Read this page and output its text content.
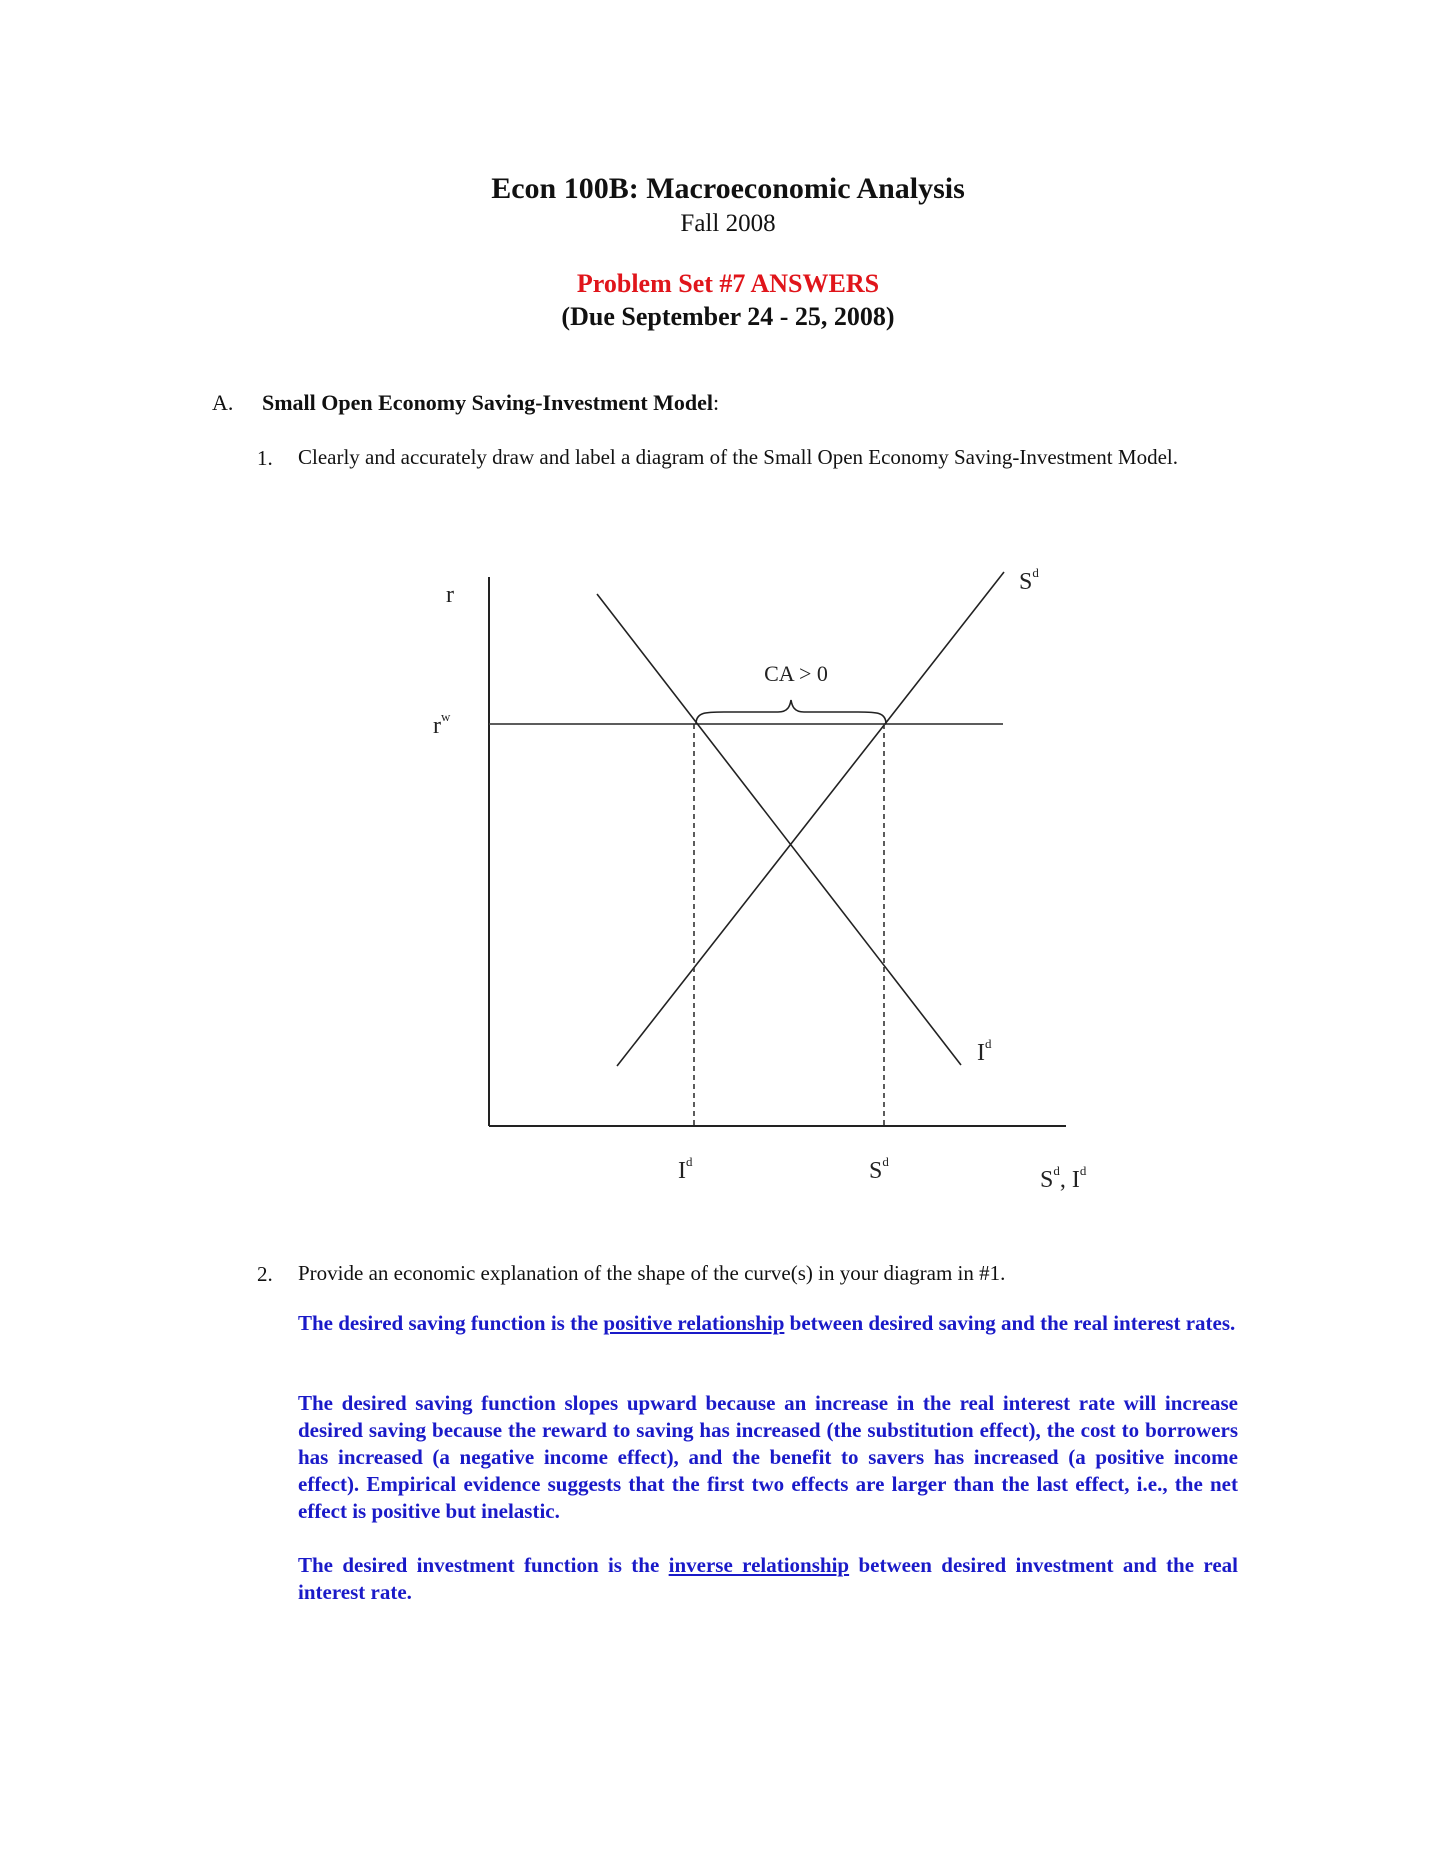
Econ 100B: Macroeconomic Analysis
Fall 2008
Problem Set #7 ANSWERS
(Due September 24 - 25, 2008)
A. Small Open Economy Saving-Investment Model:
1. Clearly and accurately draw and label a diagram of the Small Open Economy Saving-Investment Model.
r
$r^w$
CA > 0
$S^d$
$I^d$
$I^d$	$S^d$
$S^d$, $I^d$
2. Provide an economic explanation of the shape of the curve(s) in your diagram in #1.
The desired saving function is the positive relationship between desired saving and the real interest rates.
The desired saving function slopes upward because an increase in the real interest rate will increase desired saving because the reward to saving has increased (the substitution effect), the cost to borrowers has increased (a negative income effect), and the benefit to savers has increased (a positive income effect). Empirical evidence suggests that the first two effects are larger than the last effect, i.e., the net effect is positive but inelastic.
The desired investment function is the inverse relationship between desired investment and the real interest rate.
